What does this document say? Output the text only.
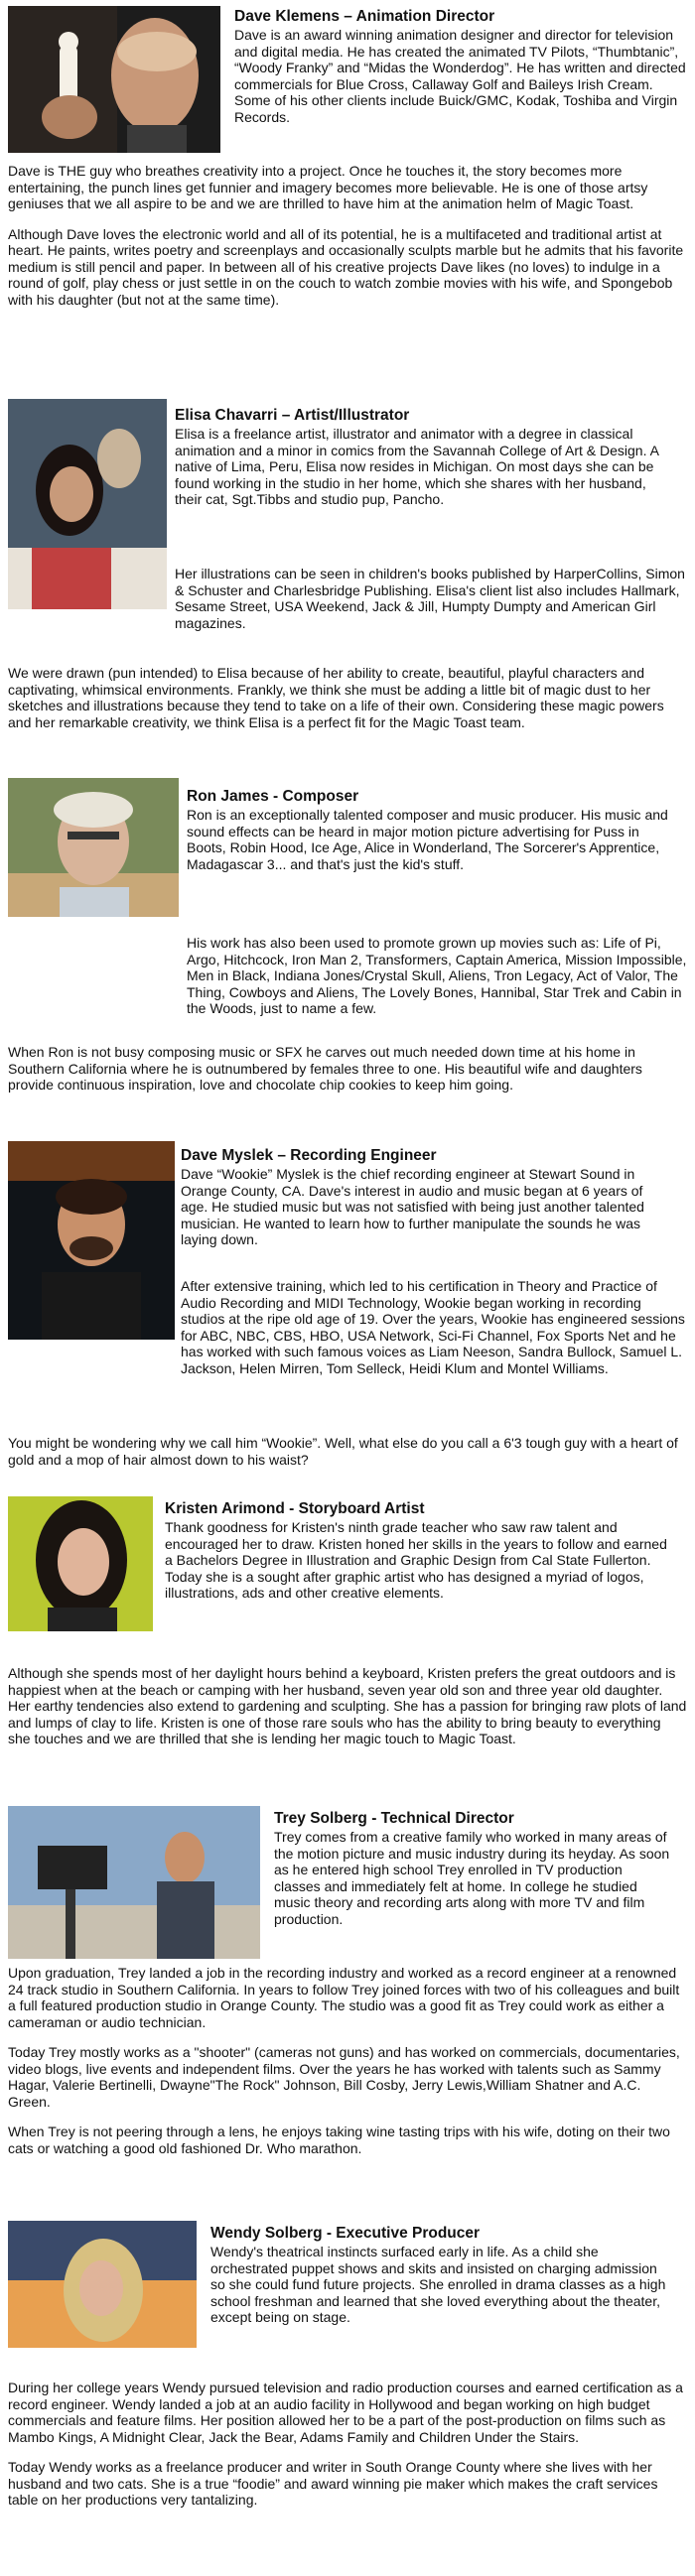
Dave Klemens – Animation Director

Dave is an award winning animation designer and director for television and digital media. He has created the animated TV Pilots, “Thumbtanic”, “Woody Franky” and “Midas the Wonderdog”. He has written and directed commercials for Blue Cross, Callaway Golf and Baileys Irish Cream. Some of his other clients include Buick/GMC, Kodak, Toshiba and Virgin Records.

Dave is THE guy who breathes creativity into a project. Once he touches it, the story becomes more entertaining, the punch lines get funnier and imagery becomes more believable. He is one of those artsy geniuses that we all aspire to be and we are thrilled to have him at the animation helm of Magic Toast.

Although Dave loves the electronic world and all of its potential, he is a multifaceted and traditional artist at heart. He paints, writes poetry and screenplays and occasionally sculpts marble but he admits that his favorite medium is still pencil and paper. In between all of his creative projects Dave likes (no loves) to indulge in a round of golf, play chess or just settle in on the couch to watch zombie movies with his wife, and Spongebob with his daughter (but not at the same time).

Elisa Chavarri – Artist/Illustrator

Elisa is a freelance artist, illustrator and animator with a degree in classical animation and a minor in comics from the Savannah College of Art & Design. A native of Lima, Peru, Elisa now resides in Michigan. On most days she can be found working in the studio in her home, which she shares with her husband, their cat, Sgt.Tibbs and studio pup, Pancho.

Her illustrations can be seen in children's books published by HarperCollins, Simon & Schuster and Charlesbridge Publishing. Elisa's client list also includes Hallmark, Sesame Street, USA Weekend, Jack & Jill, Humpty Dumpty and American Girl magazines.

We were drawn (pun intended) to Elisa because of her ability to create, beautiful, playful characters and captivating, whimsical environments. Frankly, we think she must be adding a little bit of magic dust to her sketches and illustrations because they tend to take on a life of their own. Considering these magic powers and her remarkable creativity, we think Elisa is a perfect fit for the Magic Toast team.

Ron James - Composer

Ron is an exceptionally talented composer and music producer. His music and sound effects can be heard in major motion picture advertising for Puss in Boots, Robin Hood, Ice Age, Alice in Wonderland, The Sorcerer's Apprentice, Madagascar 3... and that's just the kid's stuff.

His work has also been used to promote grown up movies such as: Life of Pi, Argo, Hitchcock, Iron Man 2, Transformers, Captain America, Mission Impossible, Men in Black, Indiana Jones/Crystal Skull, Aliens, Tron Legacy, Act of Valor, The Thing, Cowboys and Aliens, The Lovely Bones, Hannibal, Star Trek and Cabin in the Woods, just to name a few.

When Ron is not busy composing music or SFX he carves out much needed down time at his home in Southern California where he is outnumbered by females three to one. His beautiful wife and daughters provide continuous inspiration, love and chocolate chip cookies to keep him going.

Dave Myslek – Recording Engineer

Dave “Wookie” Myslek is the chief recording engineer at Stewart Sound in Orange County, CA. Dave's interest in audio and music began at 6 years of age. He studied music but was not satisfied with being just another talented musician. He wanted to learn how to further manipulate the sounds he was laying down.

After extensive training, which led to his certification in Theory and Practice of Audio Recording and MIDI Technology, Wookie began working in recording studios at the ripe old age of 19. Over the years, Wookie has engineered sessions for ABC, NBC, CBS, HBO, USA Network, Sci-Fi Channel, Fox Sports Net and he has worked with such famous voices as Liam Neeson, Sandra Bullock, Samuel L. Jackson, Helen Mirren, Tom Selleck, Heidi Klum and Montel Williams.

You might be wondering why we call him “Wookie”. Well, what else do you call a 6'3 tough guy with a heart of gold and a mop of hair almost down to his waist?

Kristen Arimond - Storyboard Artist

Thank goodness for Kristen's ninth grade teacher who saw raw talent and encouraged her to draw. Kristen honed her skills in the years to follow and earned a Bachelors Degree in Illustration and Graphic Design from Cal State Fullerton. Today she is a sought after graphic artist who has designed a myriad of logos, illustrations, ads and other creative elements.

Although she spends most of her daylight hours behind a keyboard, Kristen prefers the great outdoors and is happiest when at the beach or camping with her husband, seven year old son and three year old daughter. Her earthy tendencies also extend to gardening and sculpting. She has a passion for bringing raw plots of land and lumps of clay to life. Kristen is one of those rare souls who has the ability to bring beauty to everything she touches and we are thrilled that she is lending her magic touch to Magic Toast.

Trey Solberg - Technical Director

Trey comes from a creative family who worked in many areas of the motion picture and music industry during its heyday. As soon as he entered high school Trey enrolled in TV production classes and immediately felt at home. In college he studied music theory and recording arts along with more TV and film production.

Upon graduation, Trey landed a job in the recording industry and worked as a record engineer at a renowned 24 track studio in Southern California. In years to follow Trey joined forces with two of his colleagues and built a full featured production studio in Orange County. The studio was a good fit as Trey could work as either a cameraman or audio technician.

Today Trey mostly works as a "shooter" (cameras not guns) and has worked on commercials, documentaries, video blogs, live events and independent films. Over the years he has worked with talents such as Sammy Hagar, Valerie Bertinelli, Dwayne"The Rock" Johnson, Bill Cosby, Jerry Lewis,William Shatner and A.C. Green.

When Trey is not peering through a lens, he enjoys taking wine tasting trips with his wife, doting on their two cats or watching a good old fashioned Dr. Who marathon.

Wendy Solberg - Executive Producer

Wendy's theatrical instincts surfaced early in life. As a child she orchestrated puppet shows and skits and insisted on charging admission so she could fund future projects. She enrolled in drama classes as a high school freshman and learned that she loved everything about the theater, except being on stage.

During her college years Wendy pursued television and radio production courses and earned certification as a record engineer. Wendy landed a job at an audio facility in Hollywood and began working on high budget commercials and feature films. Her position allowed her to be a part of the post-production on films such as Mambo Kings, A Midnight Clear, Jack the Bear, Adams Family and Children Under the Stairs.

Today Wendy works as a freelance producer and writer in South Orange County where she lives with her husband and two cats. She is a true “foodie” and award winning pie maker which makes the craft services table on her productions very tantalizing.
